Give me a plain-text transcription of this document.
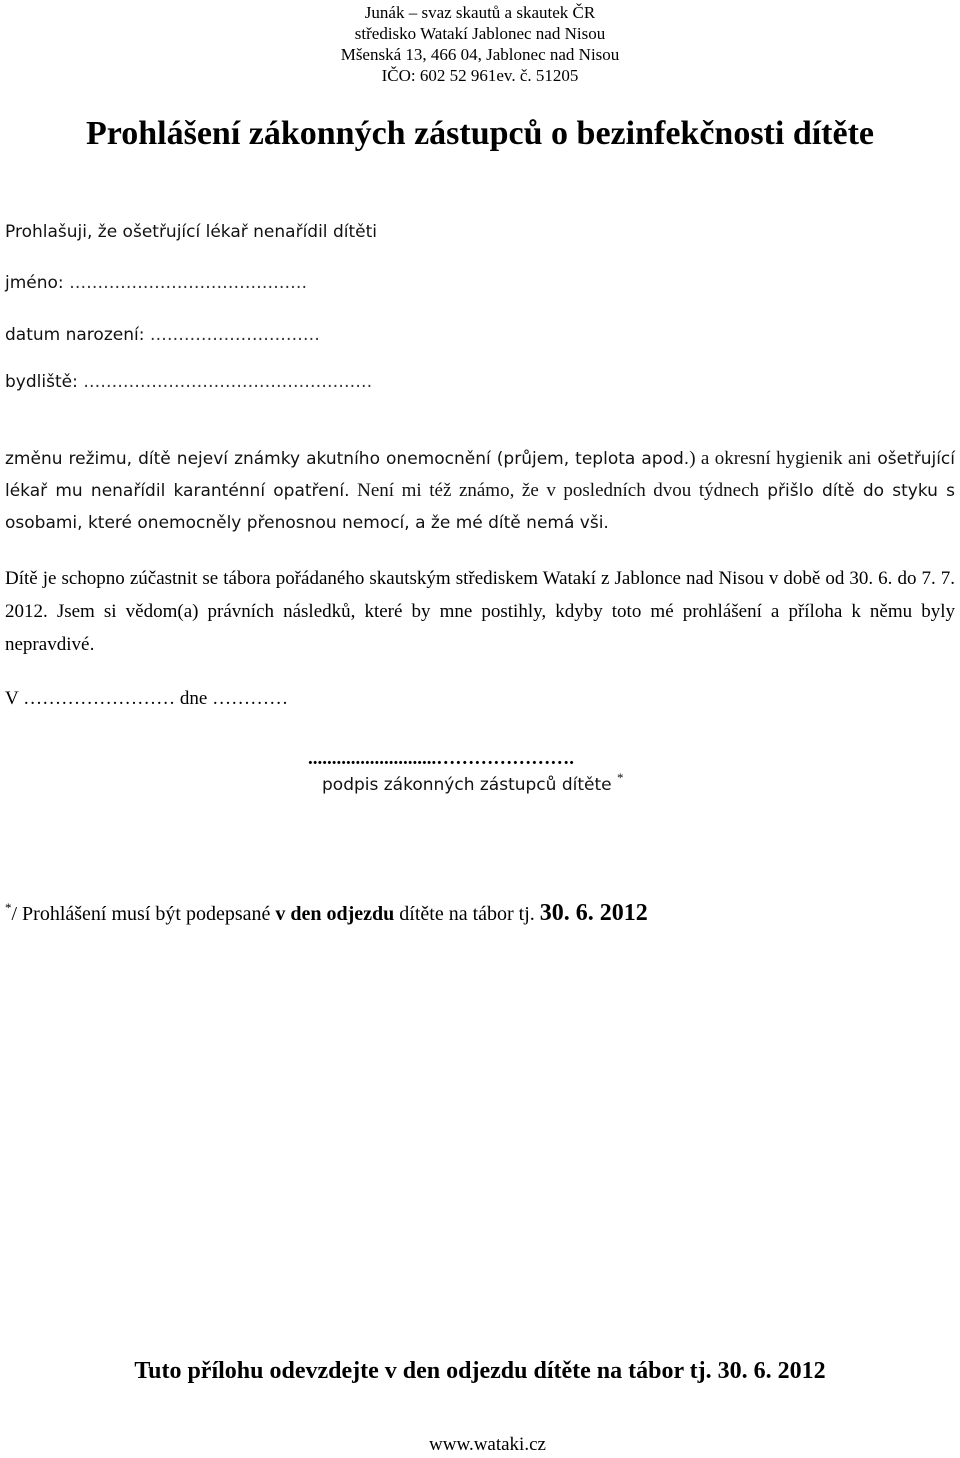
Junák – svaz skautů a skautek ČR
středisko Watakí Jablonec nad Nisou
Mšenská 13, 466 04, Jablonec nad Nisou
IČO: 602 52 961ev. č. 51205
Prohlášení zákonných zástupců o bezinfekčnosti dítěte
Prohlašuji, že ošetřující lékař nenařídil dítěti
jméno: ……………………………………
datum narození: …………………………
bydliště: ……………………………………………
změnu režimu, dítě nejeví známky akutního onemocnění (průjem, teplota apod.) a okresní hygienik ani ošetřující lékař mu nenařídil karanténní opatření. Není mi též známo, že v posledních dvou týdnech přišlo dítě do styku s osobami, které onemocněly přenosnou nemocí, a že mé dítě nemá vši.
Dítě je schopno zúčastnit se tábora pořádaného skautským střediskem Watakí z Jablonce nad Nisou v době od 30. 6. do 7. 7. 2012. Jsem si vědom(a) právních následků, které by mne postihly, kdyby toto mé prohlášení a příloha k němu byly nepravdivé.
V …………………… dne …………
...........................………………….
podpis zákonných zástupců dítěte *
*/ Prohlášení musí být podepsané v den odjezdu dítěte na tábor tj. 30. 6. 2012
Tuto přílohu odevzdejte v den odjezdu dítěte na tábor tj. 30. 6. 2012
www.wataki.cz
